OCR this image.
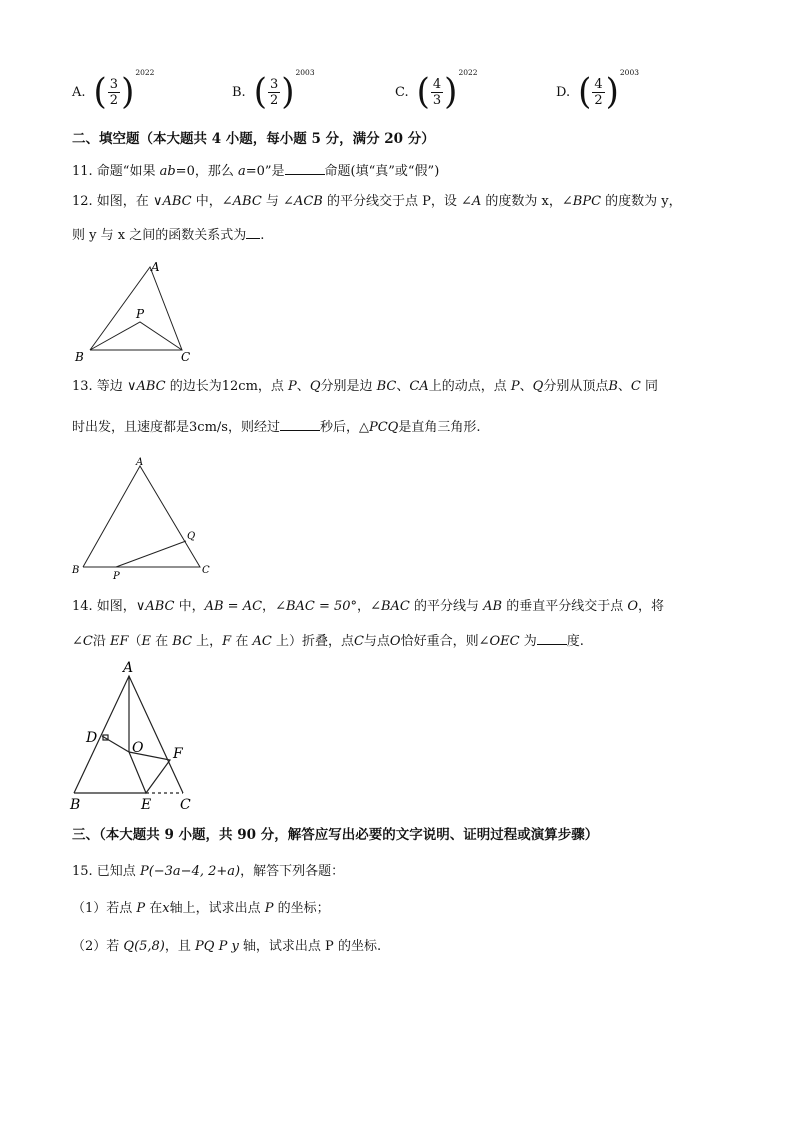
A. ( $\frac{3}{2}$ ) 2022
B. ( $\frac{3}{2}$ ) 2003
C. ( $\frac{4}{3}$ ) 2022
D. ( $\frac{4}{2}$ ) 2003
二、填空题（本大题共 4 小题，每小题 5 分，满分 20 分）
11. 命题“如果 ab=0，那么 a=0”是	命题(填“真”或“假”)
12. 如图，在 ∨ABC 中，∠ABC 与 ∠ACB 的平分线交于点 P，设 ∠A 的度数为 x，∠BPC 的度数为 y，
则 y 与 x 之间的函数关系式为 .
A
P
B	C
13. 等边 ∨ABC 的边长为12cm，点 P、Q分别是边 BC、CA上的动点，点 P、Q分别从顶点B、C 同
时出发，且速度都是3cm/s，则经过	秒后，△PCQ是直角三角形.
A
Q
B
P
C
14. 如图，∨ABC 中，AB = AC，∠BAC = 50°，∠BAC 的平分线与 AB 的垂直平分线交于点 O，将
∠C沿 EF（E 在 BC 上，F 在 AC 上）折叠，点C与点O恰好重合，则∠OEC 为 度.
A
D
O F
B	E C
三、（本大题共 9 小题，共 90 分，解答应写出必要的文字说明、证明过程或演算步骤）
15. 已知点 P(−3a−4, 2+a)，解答下列各题：
（1）若点 P 在x轴上，试求出点 P 的坐标；
（2）若 Q(5,8)，且 PQ P y 轴，试求出点 P 的坐标.
